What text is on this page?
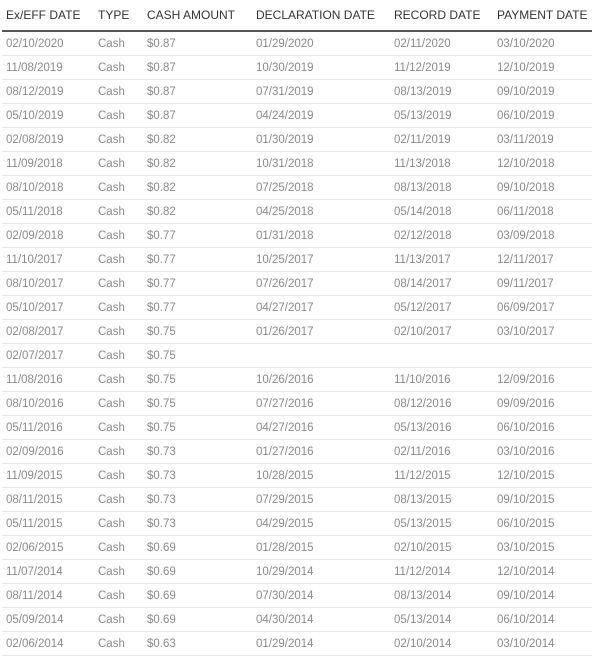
Ex/EFF DATE	TYPE	CASH AMOUNT	DECLARATION DATE	RECORD DATE	PAYMENT DATE
02/10/2020	Cash	$0.87	01/29/2020	02/11/2020	03/10/2020
11/08/2019	Cash	$0.87	10/30/2019	11/12/2019	12/10/2019
08/12/2019	Cash	$0.87	07/31/2019	08/13/2019	09/10/2019
05/10/2019	Cash	$0.87	04/24/2019	05/13/2019	06/10/2019
02/08/2019	Cash	$0.82	01/30/2019	02/11/2019	03/11/2019
11/09/2018	Cash	$0.82	10/31/2018	11/13/2018	12/10/2018
08/10/2018	Cash	$0.82	07/25/2018	08/13/2018	09/10/2018
05/11/2018	Cash	$0.82	04/25/2018	05/14/2018	06/11/2018
02/09/2018	Cash	$0.77	01/31/2018	02/12/2018	03/09/2018
11/10/2017	Cash	$0.77	10/25/2017	11/13/2017	12/11/2017
08/10/2017	Cash	$0.77	07/26/2017	08/14/2017	09/11/2017
05/10/2017	Cash	$0.77	04/27/2017	05/12/2017	06/09/2017
02/08/2017	Cash	$0.75	01/26/2017	02/10/2017	03/10/2017
02/07/2017	Cash	$0.75
11/08/2016	Cash	$0.75	10/26/2016	11/10/2016	12/09/2016
08/10/2016	Cash	$0.75	07/27/2016	08/12/2016	09/09/2016
05/11/2016	Cash	$0.75	04/27/2016	05/13/2016	06/10/2016
02/09/2016	Cash	$0.73	01/27/2016	02/11/2016	03/10/2016
11/09/2015	Cash	$0.73	10/28/2015	11/12/2015	12/10/2015
08/11/2015	Cash	$0.73	07/29/2015	08/13/2015	09/10/2015
05/11/2015	Cash	$0.73	04/29/2015	05/13/2015	06/10/2015
02/06/2015	Cash	$0.69	01/28/2015	02/10/2015	03/10/2015
11/07/2014	Cash	$0.69	10/29/2014	11/12/2014	12/10/2014
08/11/2014	Cash	$0.69	07/30/2014	08/13/2014	09/10/2014
05/09/2014	Cash	$0.69	04/30/2014	05/13/2014	06/10/2014
02/06/2014	Cash	$0.63	01/29/2014	02/10/2014	03/10/2014
